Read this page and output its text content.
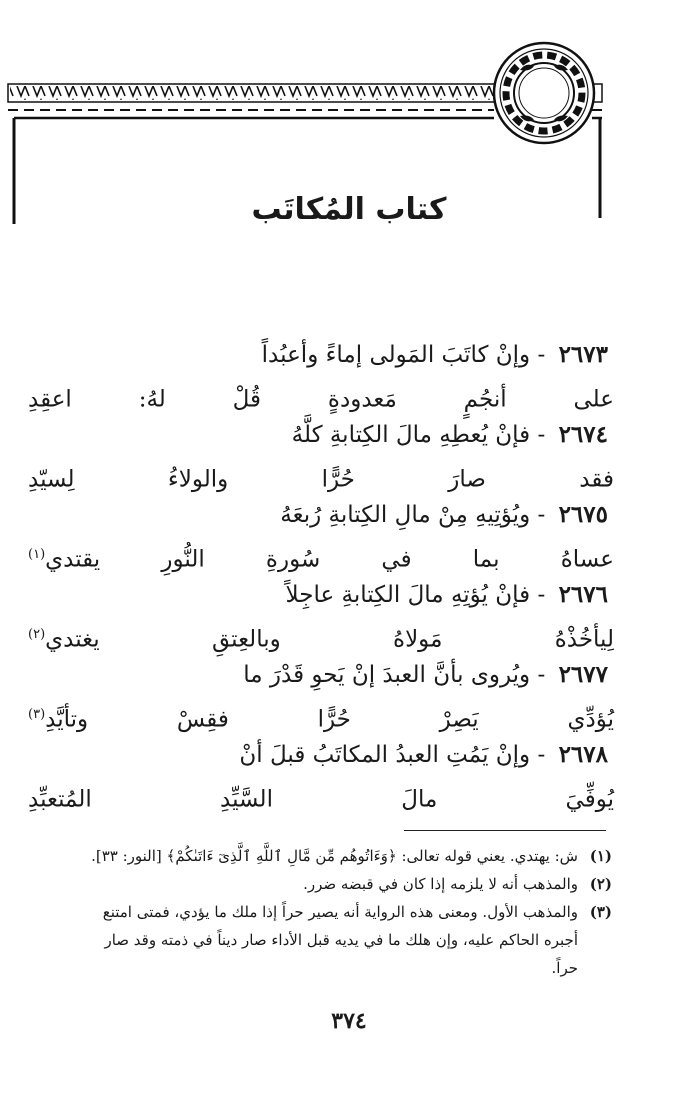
كتاب المُكاتَب
٢٦٧٣ - وإنْ كاتَبَ المَولى إماءً وأعبُداً
على أنجُمٍ مَعدودةٍ قُلْ لهُ: اعقِدِ
٢٦٧٤ - فإنْ يُعطِهِ مالَ الكِتابةِ كلَّهُ
فقد صارَ حُرًّا والولاءُ لِسيّدِ
٢٦٧٥ - ويُؤتِيهِ مِنْ مالِ الكِتابةِ رُبعَهُ
عساهُ بما في سُورةِ النُّورِ يقتدي$^{(١)}$
٢٦٧٦ - فإنْ يُؤتِهِ مالَ الكِتابةِ عاجِلاً
لِيأخُذْهُ مَولاهُ وبالعِتقِ يغتدي$^{(٢)}$
٢٦٧٧ - ويُروى بأنَّ العبدَ إنْ يَحوِ قَدْرَ ما
يُؤدِّي يَصِرْ حُرًّا فقِسْ وتأيَّدِ$^{(٣)}$
٢٦٧٨ - وإنْ يَمُتِ العبدُ المكاتَبُ قبلَ أنْ
يُوفِّيَ مالَ السَّيِّدِ المُتعبِّدِ
(١)
ش: يهتدي. يعني قوله تعالى: ﴿وَءَاتُوهُم مِّن مَّالِ ٱللَّهِ ٱلَّذِىٓ ءَاتَىٰكُمْ﴾ [النور: ٣٣].
(٢)
والمذهب أنه لا يلزمه إذا كان في قبضه ضرر.
(٣)
والمذهب الأول. ومعنى هذه الرواية أنه يصير حراً إذا ملك ما يؤدي، فمتى امتنع أجبره الحاكم عليه، وإن هلك ما في يديه قبل الأداء صار ديناً في ذمته وقد صار حراً.
٣٧٤
